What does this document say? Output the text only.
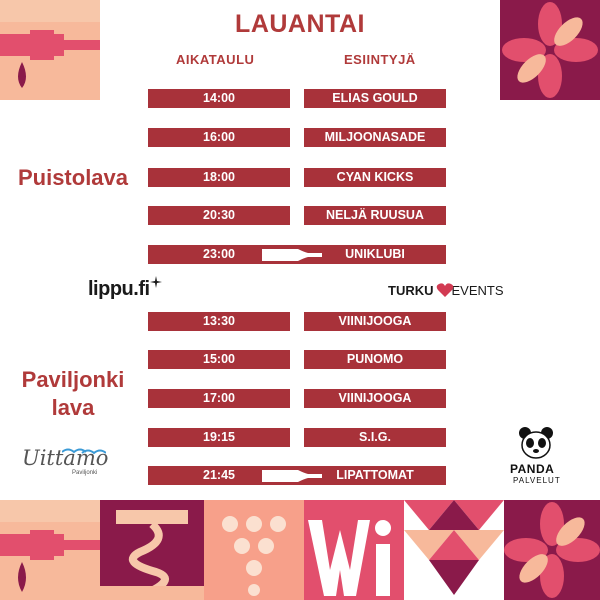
LAUANTAI
AIKATAULU	ESIINTYJÄ
Puistolava
14:00	ELIAS GOULD
16:00	MILJOONASADE
18:00	CYAN KICKS
20:30	NELJÄ RUUSUA
23:00	UNIKLUBI
lippu.fi	TURKU EVENTS
Paviljonki
lava
13:30	VIINIJOOGA
15:00	PUNOMO
17:00	VIINIJOOGA
19:15	S.I.G.
21:45	LIPATTOMAT
Uittamo
Paviljonki	PANDA
PALVELUT
